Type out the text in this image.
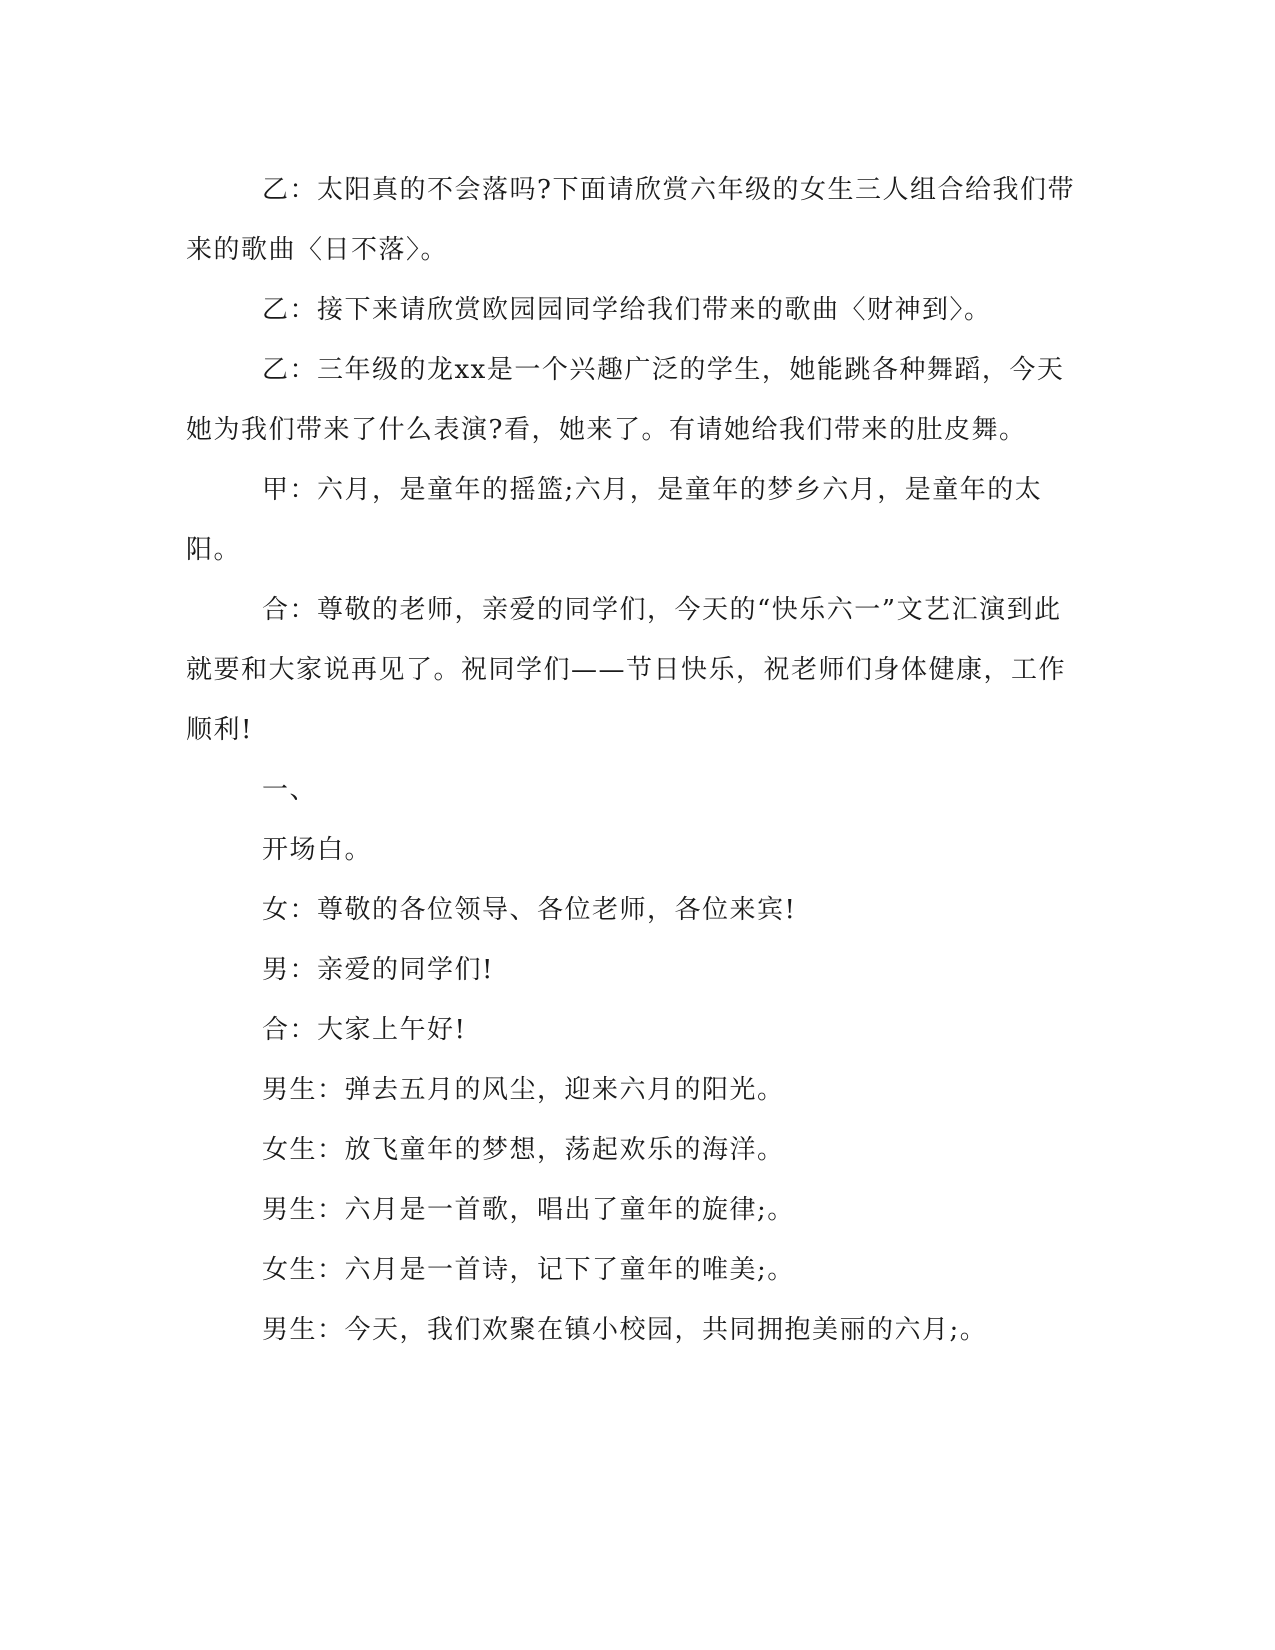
乙：太阳真的不会落吗?下面请欣赏六年级的女生三人组合给我们带来的歌曲〈日不落〉。

乙：接下来请欣赏欧园园同学给我们带来的歌曲〈财神到〉。

乙：三年级的龙xx是一个兴趣广泛的学生，她能跳各种舞蹈，今天她为我们带来了什么表演?看，她来了。有请她给我们带来的肚皮舞。

甲：六月，是童年的摇篮;六月，是童年的梦乡六月，是童年的太阳。

合：尊敬的老师，亲爱的同学们，今天的“快乐六一”文艺汇演到此就要和大家说再见了。祝同学们——节日快乐，祝老师们身体健康，工作顺利!

一、

开场白。

女：尊敬的各位领导、各位老师，各位来宾!

男：亲爱的同学们!

合：大家上午好!

男生：弹去五月的风尘，迎来六月的阳光。

女生：放飞童年的梦想，荡起欢乐的海洋。

男生：六月是一首歌，唱出了童年的旋律;。

女生：六月是一首诗，记下了童年的唯美;。

男生：今天，我们欢聚在镇小校园，共同拥抱美丽的六月;。
